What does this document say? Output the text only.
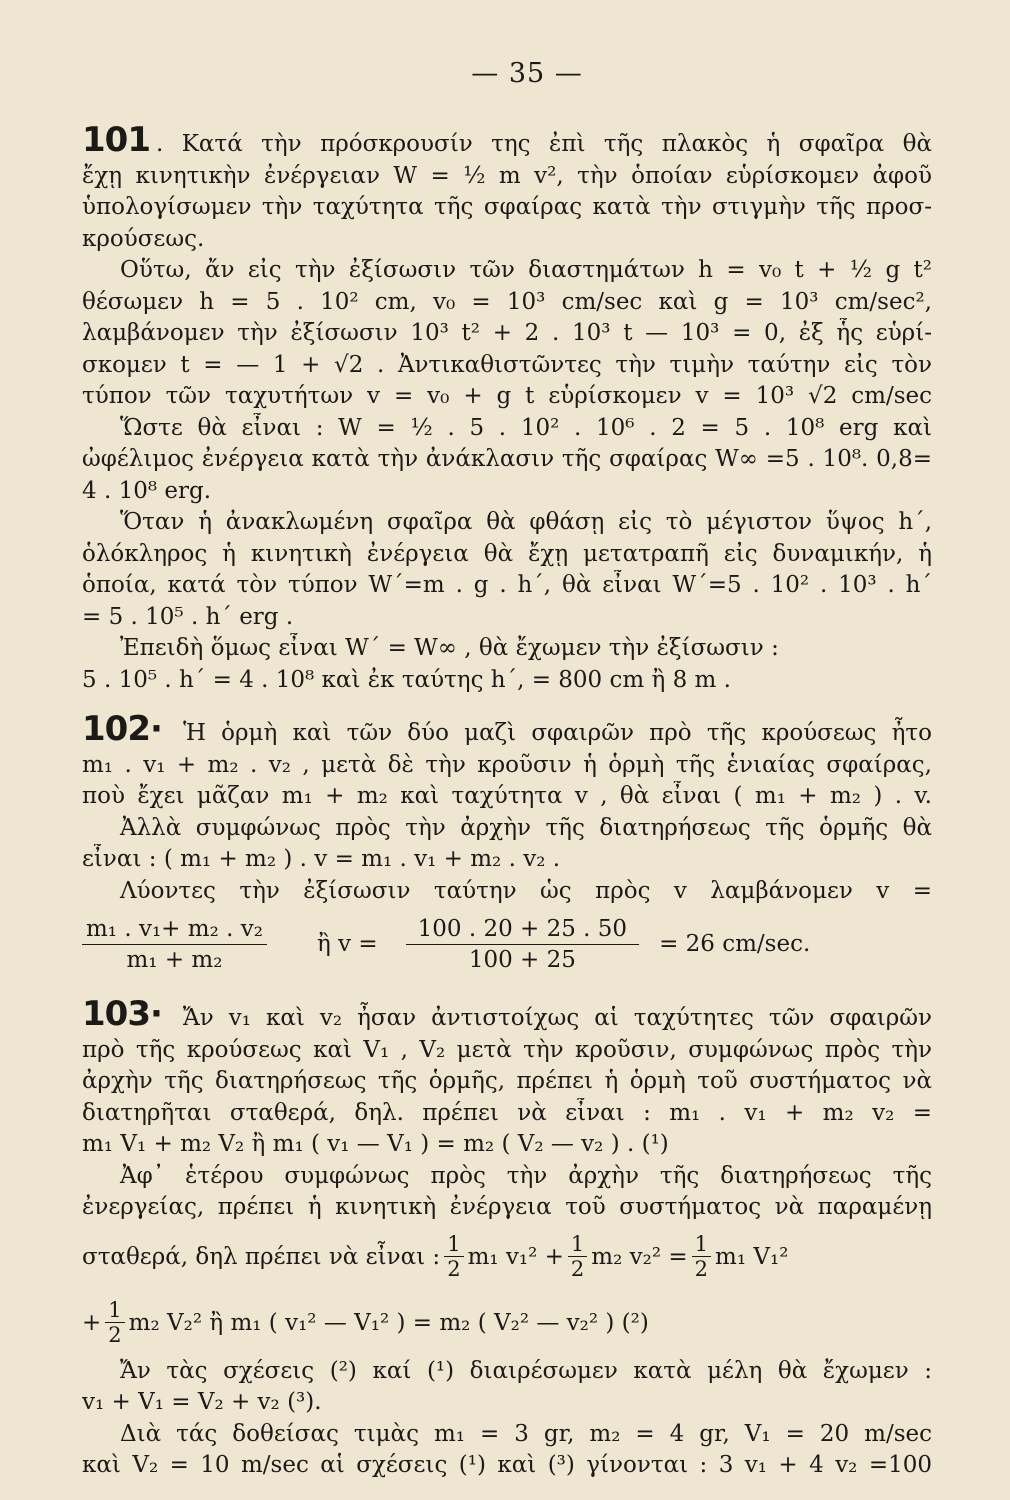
— 35 —
101 . Κατά τὴν πρόσκρουσίν της ἐπὶ τῆς πλακὸς ἡ σφαῖρα θὰ
ἔχῃ κινητικὴν ἐνέργειαν W = ½ m v², τὴν ὁποίαν εὑρίσκομεν ἀφοῦ
ὑπολογίσωμεν τὴν ταχύτητα τῆς σφαίρας κατὰ τὴν στιγμὴν τῆς προσ-
κρούσεως.
Οὕτω, ἄν εἰς τὴν ἐξίσωσιν τῶν διαστημάτων h = v₀ t + ½ g t²
θέσωμεν h = 5 . 10² cm, v₀ = 10³ cm/sec καὶ g = 10³ cm/sec²,
λαμβάνομεν τὴν ἐξίσωσιν 10³ t² + 2 . 10³ t — 10³ = 0, ἐξ ἧς εὑρί-
σκομεν t = — 1 + √2 . Ἀντικαθιστῶντες τὴν τιμὴν ταύτην εἰς τὸν
τύπον τῶν ταχυτήτων v = v₀ + g t εὑρίσκομεν v = 10³ √2 cm/sec
Ὥστε θὰ εἶναι : W = ½ . 5 . 10² . 10⁶ . 2 = 5 . 10⁸ erg καὶ
ὠφέλιμος ἐνέργεια κατὰ τὴν ἀνάκλασιν τῆς σφαίρας W∞ =5 . 10⁸. 0,8=
4 . 10⁸ erg.
Ὅταν ἡ ἀνακλωμένη σφαῖρα θὰ φθάσῃ εἰς τὸ μέγιστον ὕψος h΄,
ὁλόκληρος ἡ κινητικὴ ἐνέργεια θὰ ἔχῃ μετατραπῆ εἰς δυναμικήν, ἡ
ὁποία, κατά τὸν τύπον W΄=m . g . h΄, θὰ εἶναι W΄=5 . 10² . 10³ . h΄
= 5 . 10⁵ . h΄ erg .
Ἐπειδὴ ὅμως εἶναι W΄ = W∞ , θὰ ἔχωμεν τὴν ἐξίσωσιν :
5 . 10⁵ . h΄ = 4 . 10⁸ καὶ ἐκ ταύτης h΄, = 800 cm ἢ 8 m .
102· Ἡ ὁρμὴ καὶ τῶν δύο μαζὶ σφαιρῶν πρὸ τῆς κρούσεως ἦτο
m₁ . v₁ + m₂ . v₂ , μετὰ δὲ τὴν κροῦσιν ἡ ὁρμὴ τῆς ἑνιαίας σφαίρας,
ποὺ ἔχει μᾶζαν m₁ + m₂ καὶ ταχύτητα v , θὰ εἶναι ( m₁ + m₂ ) . v.
Ἀλλὰ συμφώνως πρὸς τὴν ἀρχὴν τῆς διατηρήσεως τῆς ὁρμῆς θὰ
εἶναι : ( m₁ + m₂ ) . v = m₁ . v₁ + m₂ . v₂ .
Λύοντες τὴν ἐξίσωσιν ταύτην ὡς πρὸς v λαμβάνομεν v =
$\frac{\text{m₁ . v₁+ m₂ . v₂}}{\text{m₁ + m₂}}$ ἢ $v = \frac{100 . 20 + 25 . 50}{100 + 25} = 26$ cm/sec.
103· Ἄν v₁ καὶ v₂ ἦσαν ἀντιστοίχως αἱ ταχύτητες τῶν σφαιρῶν
πρὸ τῆς κρούσεως καὶ V₁ , V₂ μετὰ τὴν κροῦσιν, συμφώνως πρὸς τὴν
ἀρχὴν τῆς διατηρήσεως τῆς ὁρμῆς, πρέπει ἡ ὁρμὴ τοῦ συστήματος νὰ
διατηρῆται σταθερά, δηλ. πρέπει νὰ εἶναι : m₁ . v₁ + m₂ v₂ =
m₁ V₁ + m₂ V₂ ἢ m₁ ( v₁ — V₁ ) = m₂ ( V₂ — v₂ ) . (¹)
Ἀφ᾽ ἑτέρου συμφώνως πρὸς τὴν ἀρχὴν τῆς διατηρήσεως τῆς
ἐνεργείας, πρέπει ἡ κινητικὴ ἐνέργεια τοῦ συστήματος νὰ παραμένῃ
σταθερά, δηλ πρέπει νὰ εἶναι : 1
2 m₁ $v_1^2 + \frac{1}{2} m_2$ $v_2^2 = \frac{1}{2} m_1$ V₁²
+ $\frac{1}{2} m_2$ V₂² ἢ m₁ ( v₁² — V₁² ) = m₂ ( V₂² — v₂² ) (²)
Ἄν τὰς σχέσεις (²) καί (¹) διαιρέσωμεν κατὰ μέλη θὰ ἔχωμεν :
v₁ + V₁ = V₂ + v₂ (³).
Διὰ τάς δοθείσας τιμὰς m₁ = 3 gr, m₂ = 4 gr, V₁ = 20 m/sec
καὶ V₂ = 10 m/sec αἱ σχέσεις (¹) καὶ (³) γίνονται : 3 v₁ + 4 v₂ =100
